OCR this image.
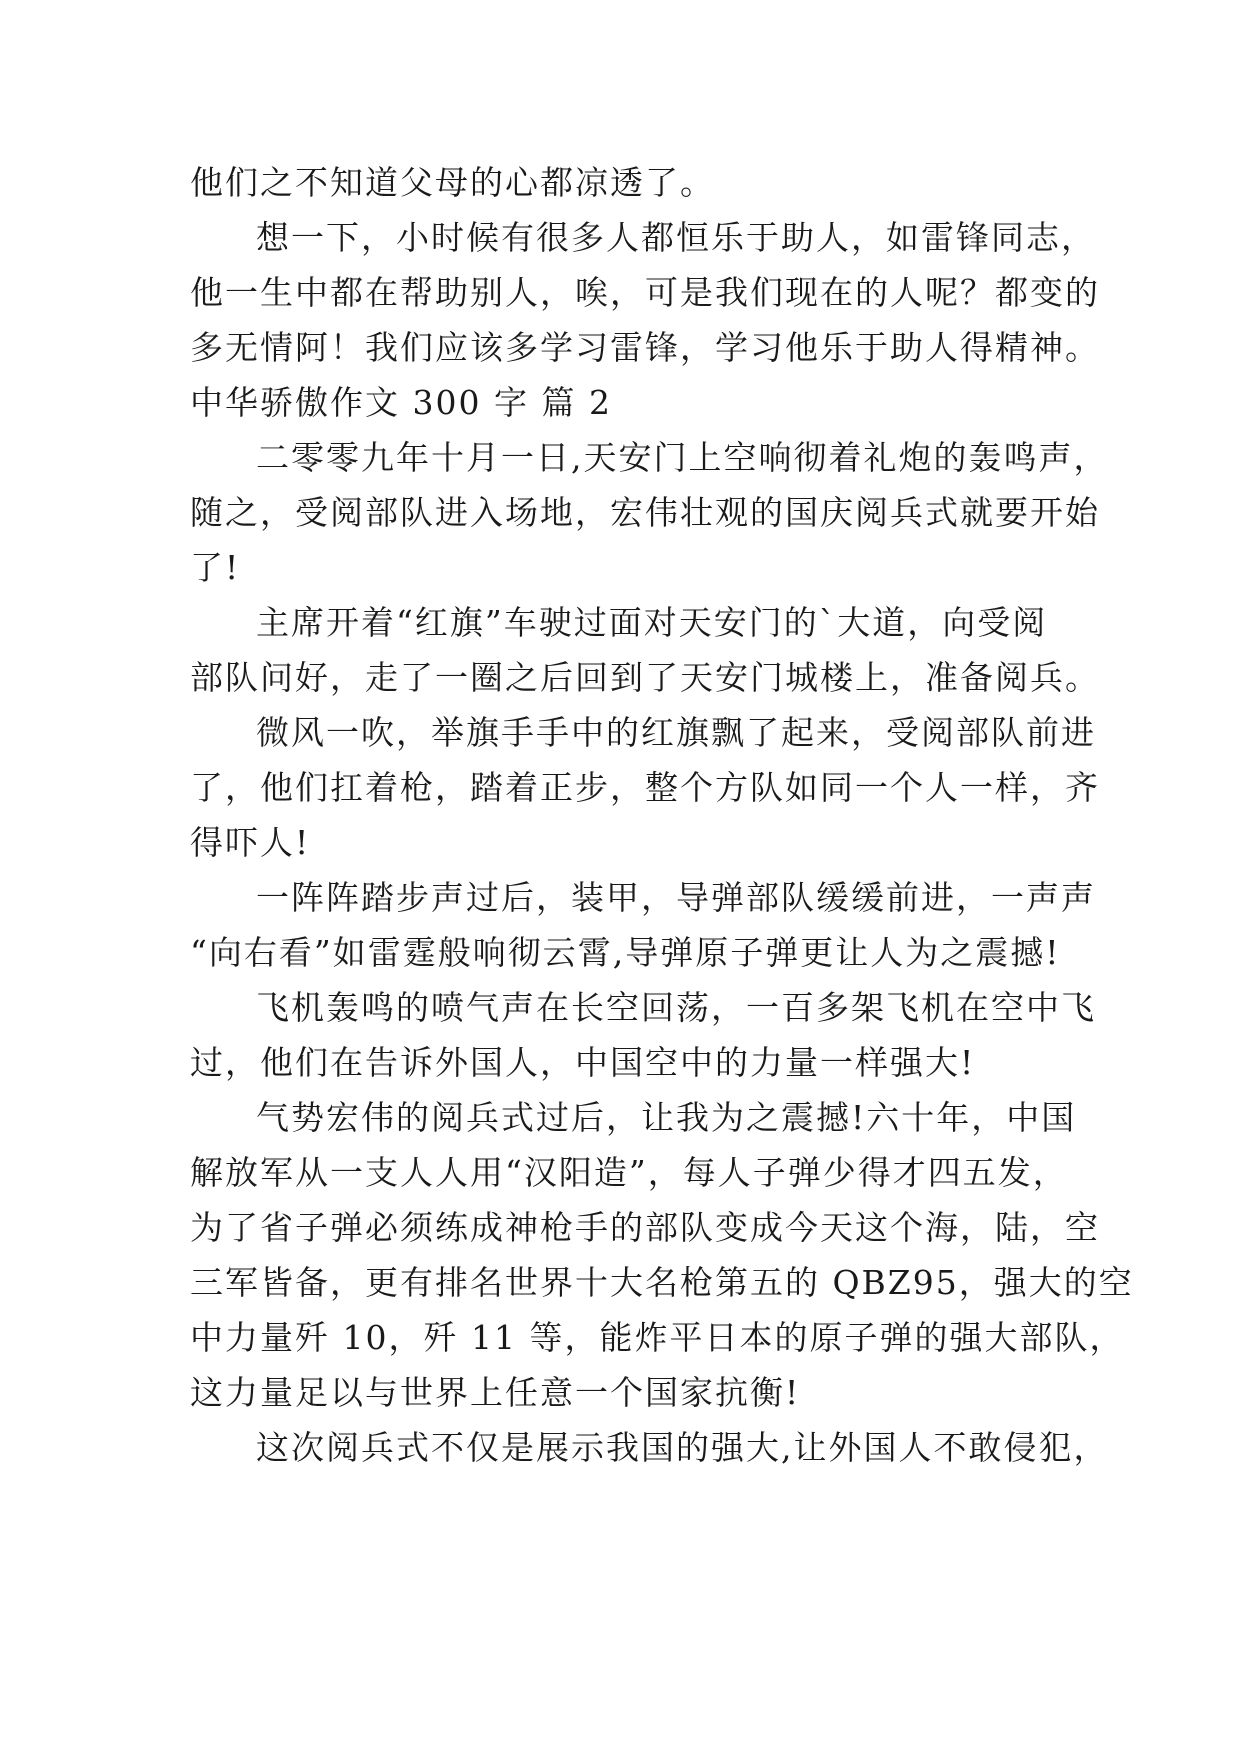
他们之不知道父母的心都凉透了。
想一下，小时候有很多人都恒乐于助人，如雷锋同志，
他一生中都在帮助别人，唉，可是我们现在的人呢？都变的
多无情阿！我们应该多学习雷锋，学习他乐于助人得精神。
中华骄傲作文 300 字 篇 2
二零零九年十月一日,天安门上空响彻着礼炮的轰鸣声，
随之，受阅部队进入场地，宏伟壮观的国庆阅兵式就要开始
了!
主席开着“红旗”车驶过面对天安门的`大道，向受阅
部队问好，走了一圈之后回到了天安门城楼上，准备阅兵。
微风一吹，举旗手手中的红旗飘了起来，受阅部队前进
了，他们扛着枪，踏着正步，整个方队如同一个人一样，齐
得吓人!
一阵阵踏步声过后，装甲，导弹部队缓缓前进，一声声
“向右看”如雷霆般响彻云霄,导弹原子弹更让人为之震撼!
飞机轰鸣的喷气声在长空回荡，一百多架飞机在空中飞
过，他们在告诉外国人，中国空中的力量一样强大!
气势宏伟的阅兵式过后，让我为之震撼!六十年，中国
解放军从一支人人用“汉阳造”，每人子弹少得才四五发，
为了省子弹必须练成神枪手的部队变成今天这个海，陆，空
三军皆备，更有排名世界十大名枪第五的 QBZ95，强大的空
中力量歼 10，歼 11 等，能炸平日本的原子弹的强大部队，
这力量足以与世界上任意一个国家抗衡!
这次阅兵式不仅是展示我国的强大,让外国人不敢侵犯，
